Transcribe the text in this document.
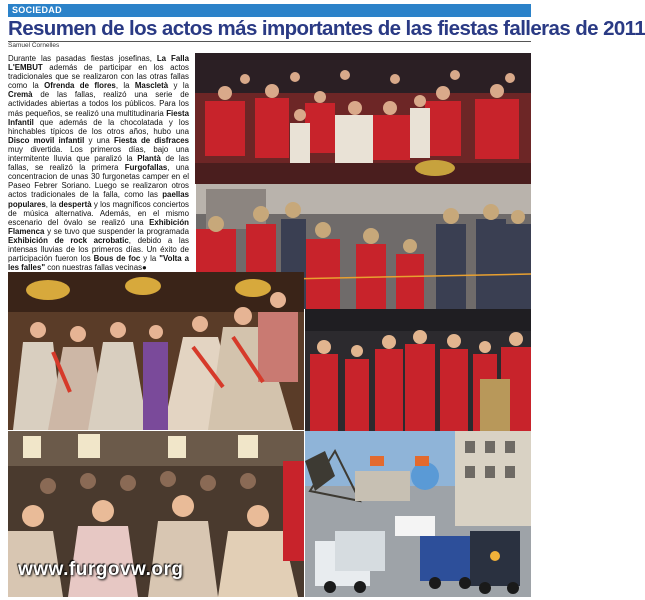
SOCIEDAD
Resumen de los actos más importantes de las fiestas falleras de 2011
Samuel Cornelles
Durante las pasadas fiestas josefinas, La Falla L'EMBUT además de participar en los actos tradicionales que se realizaron con las otras fallas como la Ofrenda de flores, la Mascletà y la Cremà de las fallas, realizó una serie de actividades abiertas a todos los públicos. Para los más pequeños, se realizó una multitudinaria Fiesta Infantil que además de la chocolatada y los hinchables típicos de los otros años, hubo una Disco movil infantil y una Fiesta de disfraces muy divertida. Los primeros días, bajo una intermitente lluvia que paralizó la Plantà de las fallas, se realizó la primera Furgofallas, una concentracion de unas 30 furgonetas camper en el Paseo Febrer Soriano. Luego se realizaron otros actos tradicionales de la falla, como las paellas populares, la despertà y los magníficos conciertos de música alternativa. Además, en el mismo escenario del óvalo se realizó una Exhibición Flamenca y se tuvo que suspender la programada Exhibición de rock acrobatic, debido a las intensas lluvias de los primeros días. Un éxito de participación fueron los Bous de foc y la "Volta a les falles" con nuestras fallas vecinas●
www.furgovw.org
